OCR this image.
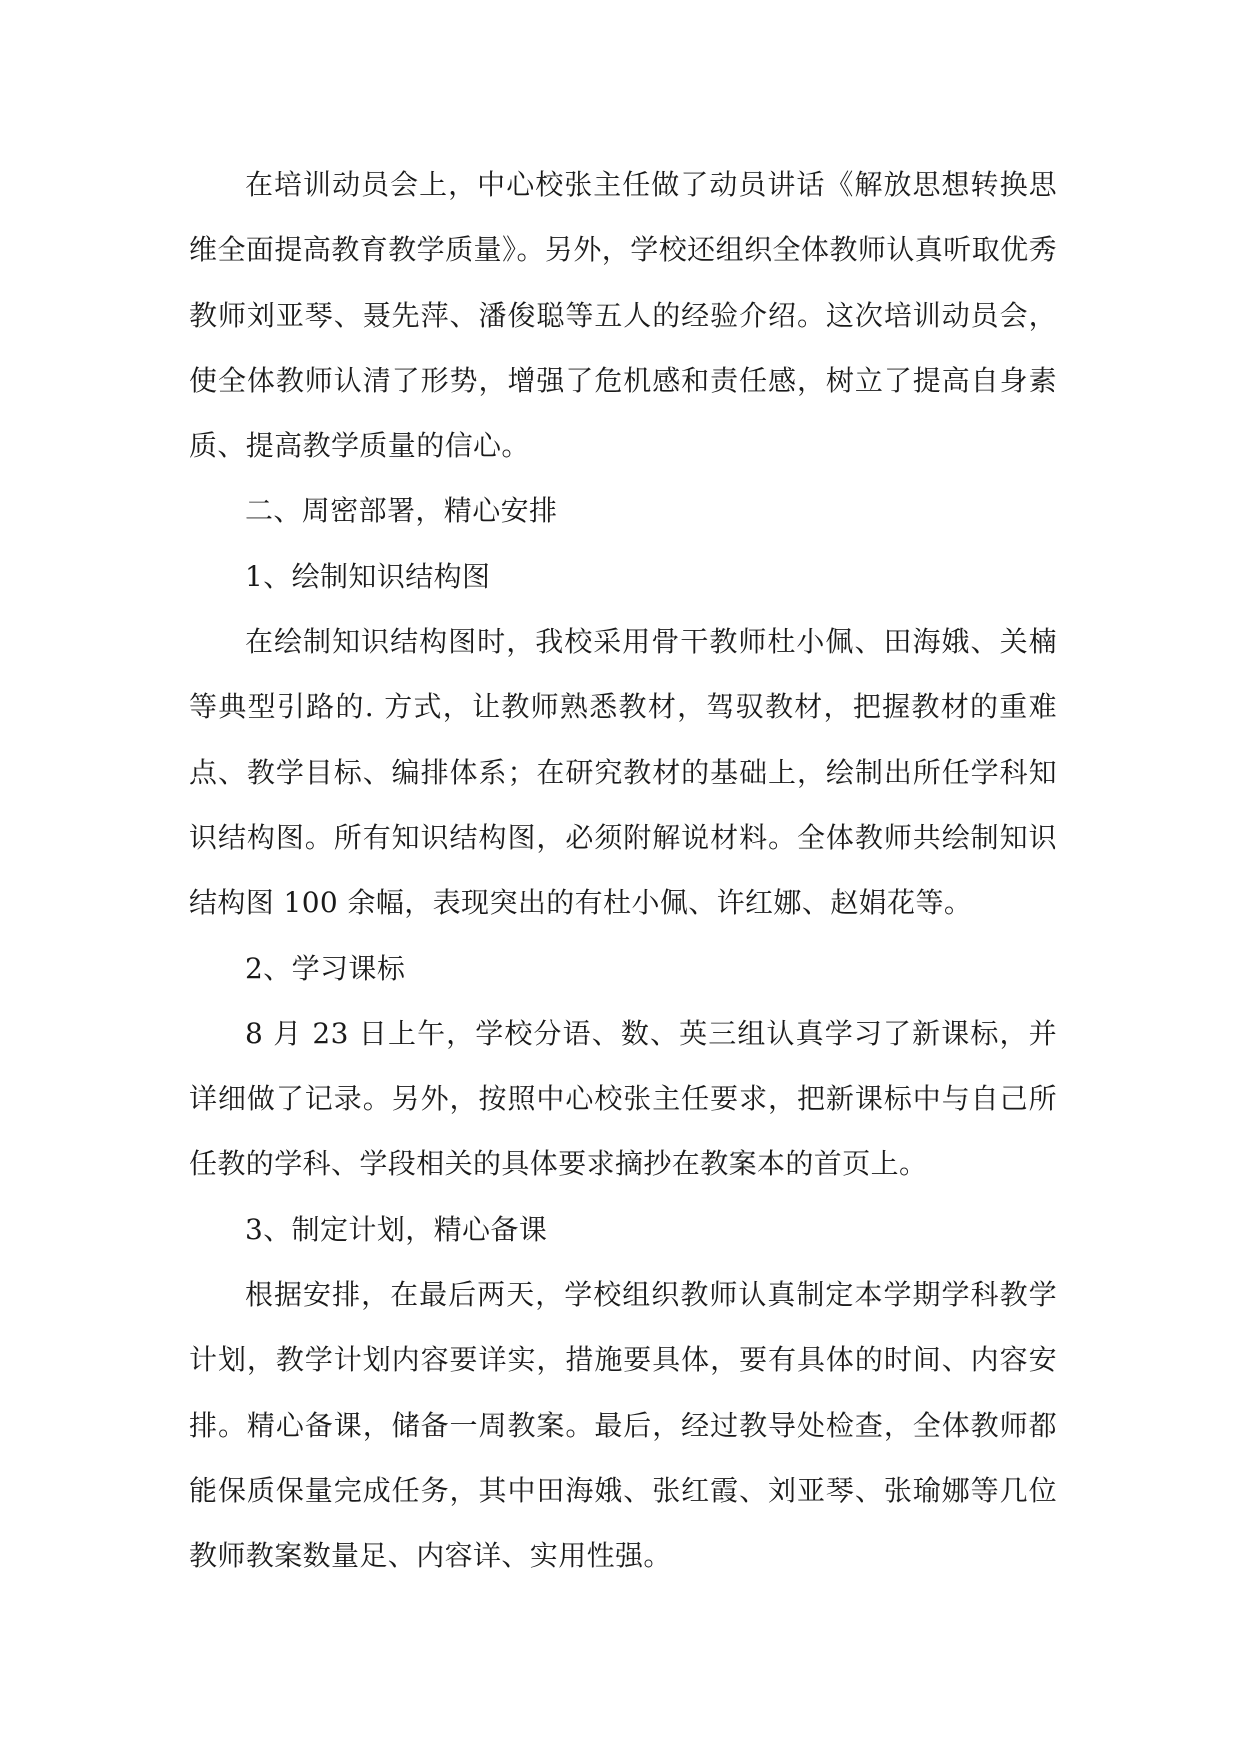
在培训动员会上，中心校张主任做了动员讲话《解放思想转换思维全面提高教育教学质量》。另外，学校还组织全体教师认真听取优秀教师刘亚琴、聂先萍、潘俊聪等五人的经验介绍。这次培训动员会，使全体教师认清了形势，增强了危机感和责任感，树立了提高自身素质、提高教学质量的信心。

二、周密部署，精心安排

1、绘制知识结构图

在绘制知识结构图时，我校采用骨干教师杜小佩、田海娥、关楠等典型引路的. 方式，让教师熟悉教材，驾驭教材，把握教材的重难点、教学目标、编排体系；在研究教材的基础上，绘制出所任学科知识结构图。所有知识结构图，必须附解说材料。全体教师共绘制知识结构图 100 余幅，表现突出的有杜小佩、许红娜、赵娟花等。

2、学习课标

8 月 23 日上午，学校分语、数、英三组认真学习了新课标，并详细做了记录。另外，按照中心校张主任要求，把新课标中与自己所任教的学科、学段相关的具体要求摘抄在教案本的首页上。

3、制定计划，精心备课

根据安排，在最后两天，学校组织教师认真制定本学期学科教学计划，教学计划内容要详实，措施要具体，要有具体的时间、内容安排。精心备课，储备一周教案。最后，经过教导处检查，全体教师都能保质保量完成任务，其中田海娥、张红霞、刘亚琴、张瑜娜等几位教师教案数量足、内容详、实用性强。
